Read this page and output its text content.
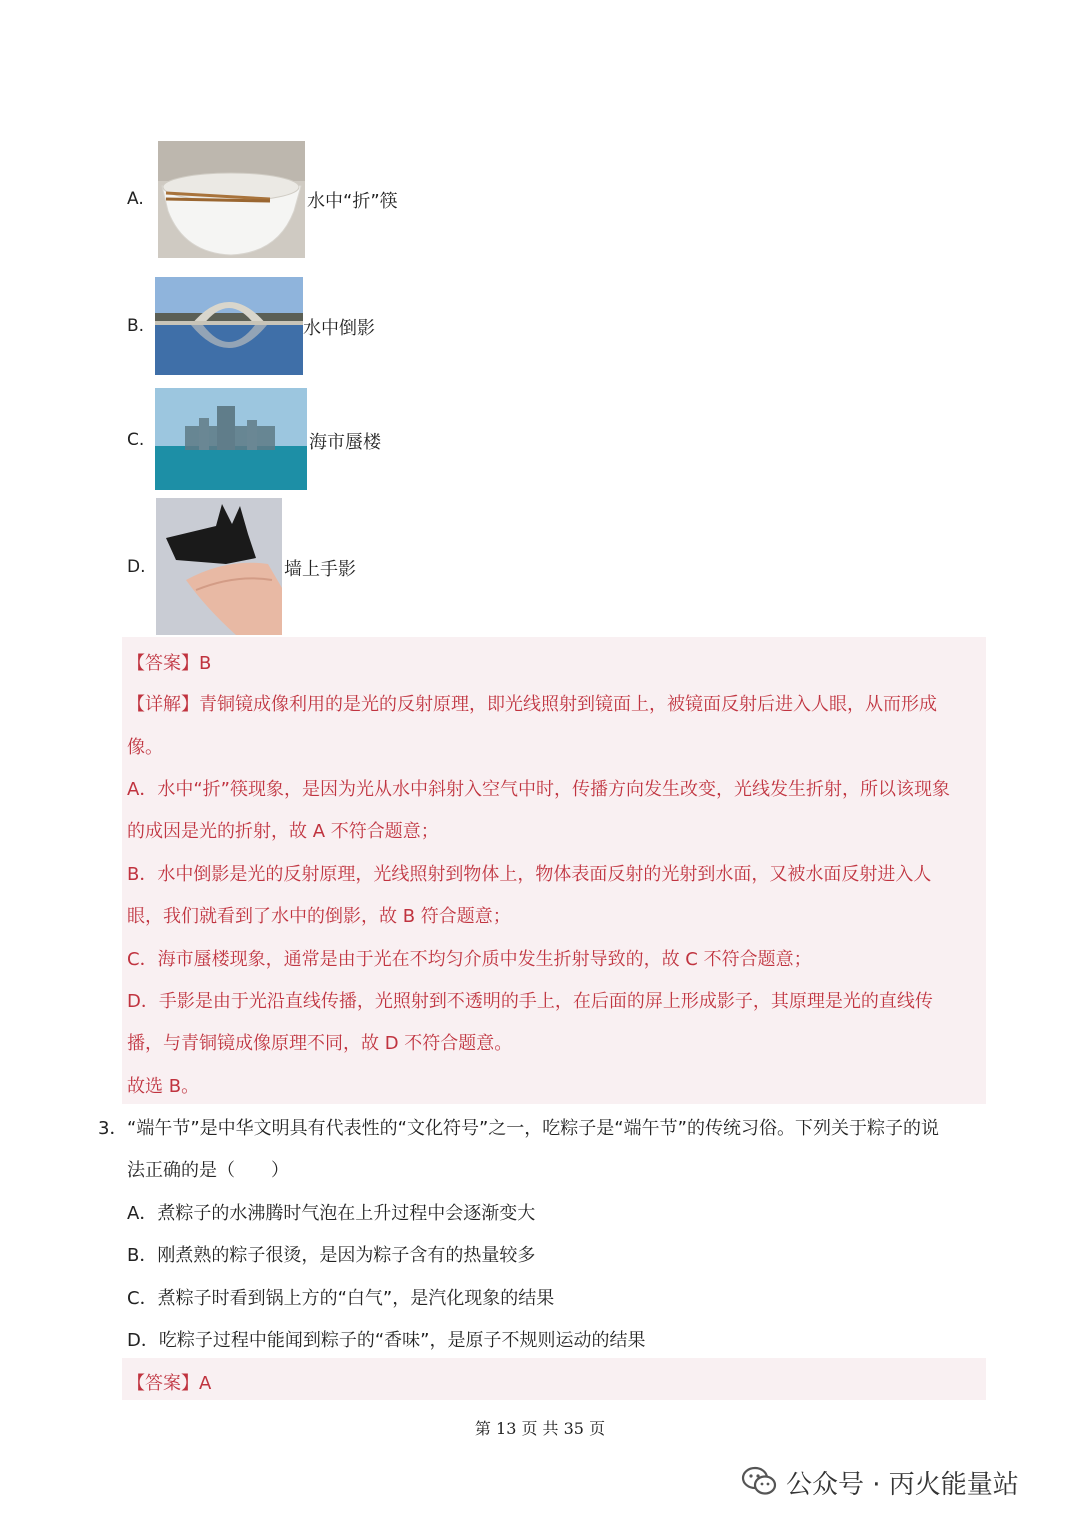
A.	水中“折”筷
B.	水中倒影
C.	海市蜃楼
D.	墙上手影
【答案】B
【详解】青铜镜成像利用的是光的反射原理，即光线照射到镜面上，被镜面反射后进入人眼，从而形成
像。
A．水中“折”筷现象，是因为光从水中斜射入空气中时，传播方向发生改变，光线发生折射，所以该现象
的成因是光的折射，故 A 不符合题意；
B．水中倒影是光的反射原理，光线照射到物体上，物体表面反射的光射到水面，又被水面反射进入人
眼，我们就看到了水中的倒影，故 B 符合题意；
C．海市蜃楼现象，通常是由于光在不均匀介质中发生折射导致的，故 C 不符合题意；
D．手影是由于光沿直线传播，光照射到不透明的手上，在后面的屏上形成影子，其原理是光的直线传
播，与青铜镜成像原理不同，故 D 不符合题意。
故选 B。
3． “端午节”是中华文明具有代表性的“文化符号”之一，吃粽子是“端午节”的传统习俗。下列关于粽子的说
法正确的是（　　）
A．煮粽子的水沸腾时气泡在上升过程中会逐渐变大
B．刚煮熟的粽子很烫，是因为粽子含有的热量较多
C．煮粽子时看到锅上方的“白气”，是汽化现象的结果
D．吃粽子过程中能闻到粽子的“香味”，是原子不规则运动的结果
【答案】A
第 13 页 共 35 页
公众号 · 丙火能量站
